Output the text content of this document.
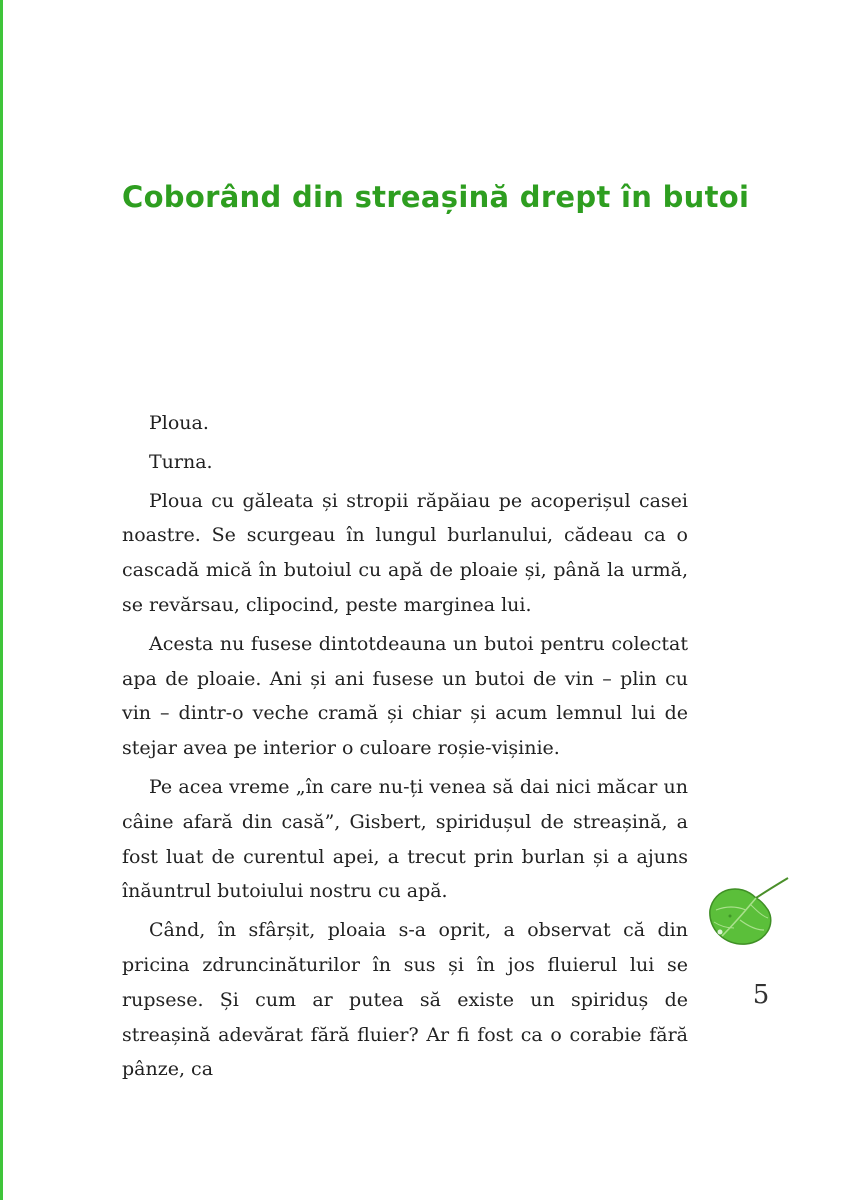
Coborând din streașină drept în butoi

Ploua.

Turna.

Ploua cu găleata și stropii răpăiau pe acoperișul casei noastre. Se scurgeau în lungul burlanului, cădeau ca o cascadă mică în butoiul cu apă de ploaie și, până la urmă, se revărsau, clipocind, peste marginea lui.

Acesta nu fusese dintotdeauna un butoi pentru colectat apa de ploaie. Ani și ani fusese un butoi de vin – plin cu vin – dintr-o veche cramă și chiar și acum lemnul lui de stejar avea pe interior o culoare roșie-vișinie.

Pe acea vreme „în care nu-ți venea să dai nici măcar un câine afară din casă”, Gisbert, spiridușul de streașină, a fost luat de curentul apei, a trecut prin burlan și a ajuns înăuntrul butoiului nostru cu apă.

Când, în sfârșit, ploaia s-a oprit, a observat că din pricina zdruncinăturilor în sus și în jos fluierul lui se rupsese. Și cum ar putea să existe un spiriduș de streașină adevărat fără fluier? Ar fi fost ca o corabie fără pânze, ca

5
